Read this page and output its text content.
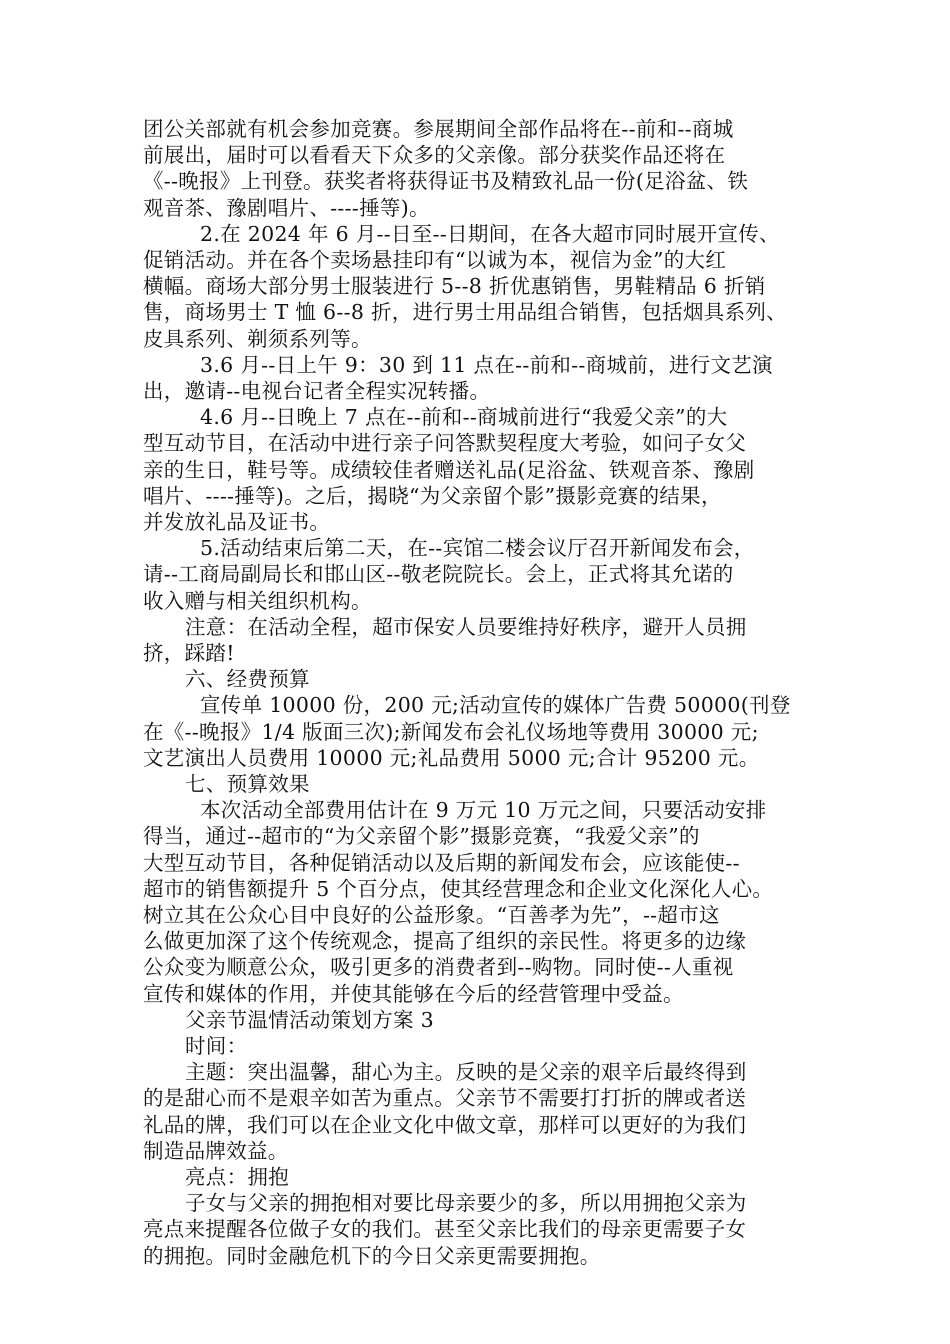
团公关部就有机会参加竞赛。参展期间全部作品将在--前和--商城
前展出，届时可以看看天下众多的父亲像。部分获奖作品还将在
《--晚报》上刊登。获奖者将获得证书及精致礼品一份(足浴盆、铁
观音茶、豫剧唱片、----捶等)。
2.在 2024 年 6 月--日至--日期间，在各大超市同时展开宣传、
促销活动。并在各个卖场悬挂印有“以诚为本，视信为金”的大红
横幅。商场大部分男士服装进行 5--8 折优惠销售，男鞋精品 6 折销
售，商场男士 T 恤 6--8 折，进行男士用品组合销售，包括烟具系列、
皮具系列、剃须系列等。
3.6 月--日上午 9：30 到 11 点在--前和--商城前，进行文艺演
出，邀请--电视台记者全程实况转播。
4.6 月--日晚上 7 点在--前和--商城前进行“我爱父亲”的大
型互动节目，在活动中进行亲子问答默契程度大考验，如问子女父
亲的生日，鞋号等。成绩较佳者赠送礼品(足浴盆、铁观音茶、豫剧
唱片、----捶等)。之后，揭晓“为父亲留个影”摄影竞赛的结果，
并发放礼品及证书。
5.活动结束后第二天，在--宾馆二楼会议厅召开新闻发布会，
请--工商局副局长和邯山区--敬老院院长。会上，正式将其允诺的
收入赠与相关组织机构。
注意：在活动全程，超市保安人员要维持好秩序，避开人员拥
挤，踩踏!
六、经费预算
宣传单 10000 份，200 元;活动宣传的媒体广告费 50000(刊登
在《--晚报》1/4 版面三次);新闻发布会礼仪场地等费用 30000 元;
文艺演出人员费用 10000 元;礼品费用 5000 元;合计 95200 元。
七、预算效果
本次活动全部费用估计在 9 万元 10 万元之间，只要活动安排
得当，通过--超市的“为父亲留个影”摄影竞赛，“我爱父亲”的
大型互动节目，各种促销活动以及后期的新闻发布会，应该能使--
超市的销售额提升 5 个百分点，使其经营理念和企业文化深化人心。
树立其在公众心目中良好的公益形象。“百善孝为先”，--超市这
么做更加深了这个传统观念，提高了组织的亲民性。将更多的边缘
公众变为顺意公众，吸引更多的消费者到--购物。同时使--人重视
宣传和媒体的作用，并使其能够在今后的经营管理中受益。
父亲节温情活动策划方案 3
时间：
主题：突出温馨，甜心为主。反映的是父亲的艰辛后最终得到
的是甜心而不是艰辛如苦为重点。父亲节不需要打打折的牌或者送
礼品的牌，我们可以在企业文化中做文章，那样可以更好的为我们
制造品牌效益。
亮点：拥抱
子女与父亲的拥抱相对要比母亲要少的多，所以用拥抱父亲为
亮点来提醒各位做子女的我们。甚至父亲比我们的母亲更需要子女
的拥抱。同时金融危机下的今日父亲更需要拥抱。
